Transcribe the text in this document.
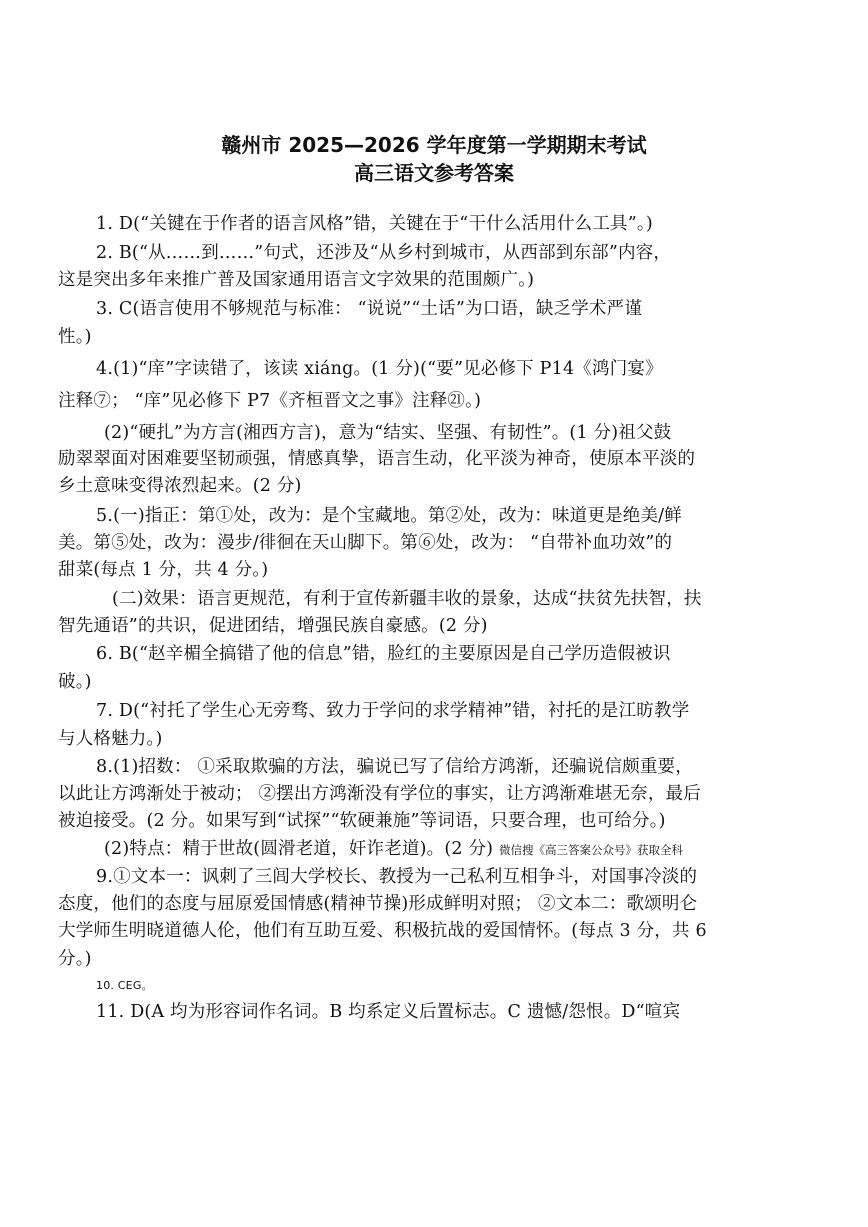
赣州市 2025—2026 学年度第一学期期末考试
高三语文参考答案
1. D(“关键在于作者的语言风格”错，关键在于“干什么活用什么工具”。)
2. B(“从……到……”句式，还涉及“从乡村到城市，从西部到东部”内容，
这是突出多年来推广普及国家通用语言文字效果的范围颇广。)
3. C(语言使用不够规范与标准： “说说”“土话”为口语，缺乏学术严谨
性。)
4.(1)“庠”字读错了，该读 xiáng。(1 分)(“要”见必修下 P14《鸿门宴》
注释⑦； “庠”见必修下 P7《齐桓晋文之事》注释㉑。)
(2)“硬扎”为方言(湘西方言)，意为“结实、坚强、有韧性”。(1 分)祖父鼓
励翠翠面对困难要坚韧顽强，情感真挚，语言生动，化平淡为神奇，使原本平淡的
乡土意味变得浓烈起来。(2 分)
5.(一)指正：第①处，改为：是个宝藏地。第②处，改为：味道更是绝美/鲜
美。第⑤处，改为：漫步/徘徊在天山脚下。第⑥处，改为： “自带补血功效”的
甜菜(每点 1 分，共 4 分。)
(二)效果：语言更规范，有利于宣传新疆丰收的景象，达成“扶贫先扶智，扶
智先通语”的共识，促进团结，增强民族自豪感。(2 分)
6. B(“赵辛楣全搞错了他的信息”错，脸红的主要原因是自己学历造假被识
破。)
7. D(“衬托了学生心无旁骛、致力于学问的求学精神”错，衬托的是江昉教学
与人格魅力。)
8.(1)招数： ①采取欺骗的方法，骗说已写了信给方鸿渐，还骗说信颇重要，
以此让方鸿渐处于被动； ②摆出方鸿渐没有学位的事实，让方鸿渐难堪无奈，最后
被迫接受。(2 分。如果写到“试探”“软硬兼施”等词语，只要合理，也可给分。)
(2)特点：精于世故(圆滑老道，奸诈老道)。(2 分) 微信搜《高三答案公众号》获取全科
9.①文本一：讽刺了三闾大学校长、教授为一己私利互相争斗，对国事冷淡的
态度，他们的态度与屈原爱国情感(精神节操)形成鲜明对照； ②文本二：歌颂明仑
大学师生明晓道德人伦，他们有互助互爱、积极抗战的爱国情怀。(每点 3 分，共 6
分。)
10. CEG。
11. D(A 均为形容词作名词。B 均系定义后置标志。C 遗憾/怨恨。D“喧宾
